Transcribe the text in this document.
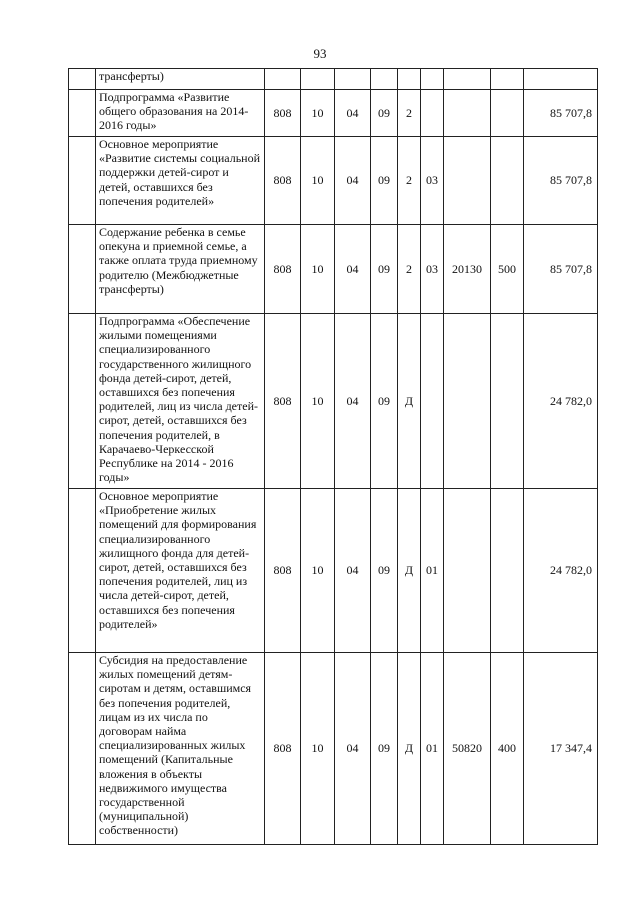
93
	трансферты)									
	Подпрограмма «Развитие общего образования на 2014-2016 годы»	808	10	04	09	2				85 707,8
	Основное мероприятие «Развитие системы социальной поддержки детей-сирот и детей, оставшихся без попечения родителей»	808	10	04	09	2	03			85 707,8
	Содержание ребенка в семье опекуна и приемной семье, а также оплата труда приемному родителю (Межбюджетные трансферты)	808	10	04	09	2	03	20130	500	85 707,8
	Подпрограмма «Обеспечение жилыми помещениями специализированного государственного жилищного фонда детей-сирот, детей, оставшихся без попечения родителей, лиц из числа детей-сирот, детей, оставшихся без попечения родителей, в Карачаево-Черкесской Республике на 2014 - 2016 годы»	808	10	04	09	Д				24 782,0
	Основное мероприятие «Приобретение жилых помещений для формирования специализированного жилищного фонда для детей-сирот, детей, оставшихся без попечения родителей, лиц из числа детей-сирот, детей, оставшихся без попечения родителей»	808	10	04	09	Д	01			24 782,0
	Субсидия на предоставление жилых помещений детям-сиротам и детям, оставшимся без попечения родителей, лицам из их числа по договорам найма специализированных жилых помещений (Капитальные вложения в объекты недвижимого имущества государственной (муниципальной) собственности)	808	10	04	09	Д	01	50820	400	17 347,4
